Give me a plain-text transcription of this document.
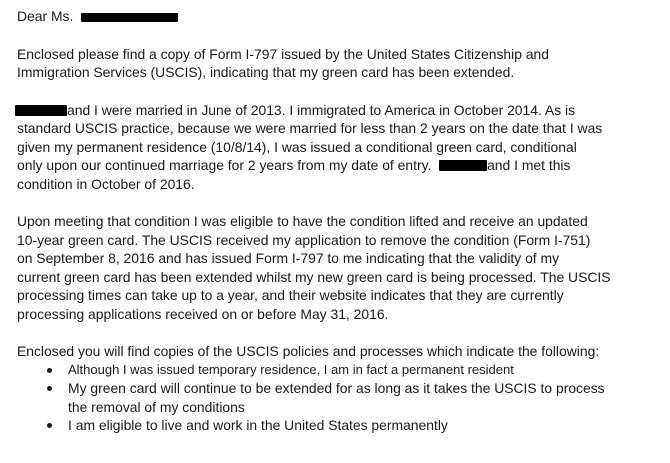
Dear Ms.
Enclosed please find a copy of Form I-797 issued by the United States Citizenship and
Immigration Services (USCIS), indicating that my green card has been extended.
and I were married in June of 2013. I immigrated to America in October 2014. As is
standard USCIS practice, because we were married for less than 2 years on the date that I was
given my permanent residence (10/8/14), I was issued a conditional green card, conditional
only upon our continued marriage for 2 years from my date of entry.	and I met this
condition in October of 2016.
Upon meeting that condition I was eligible to have the condition lifted and receive an updated
10-year green card. The USCIS received my application to remove the condition (Form I-751)
on September 8, 2016 and has issued Form I-797 to me indicating that the validity of my
current green card has been extended whilst my new green card is being processed. The USCIS
processing times can take up to a year, and their website indicates that they are currently
processing applications received on or before May 31, 2016.
Enclosed you will find copies of the USCIS policies and processes which indicate the following:
Although I was issued temporary residence, I am in fact a permanent resident
My green card will continue to be extended for as long as it takes the USCIS to process
the removal of my conditions
I am eligible to live and work in the United States permanently
